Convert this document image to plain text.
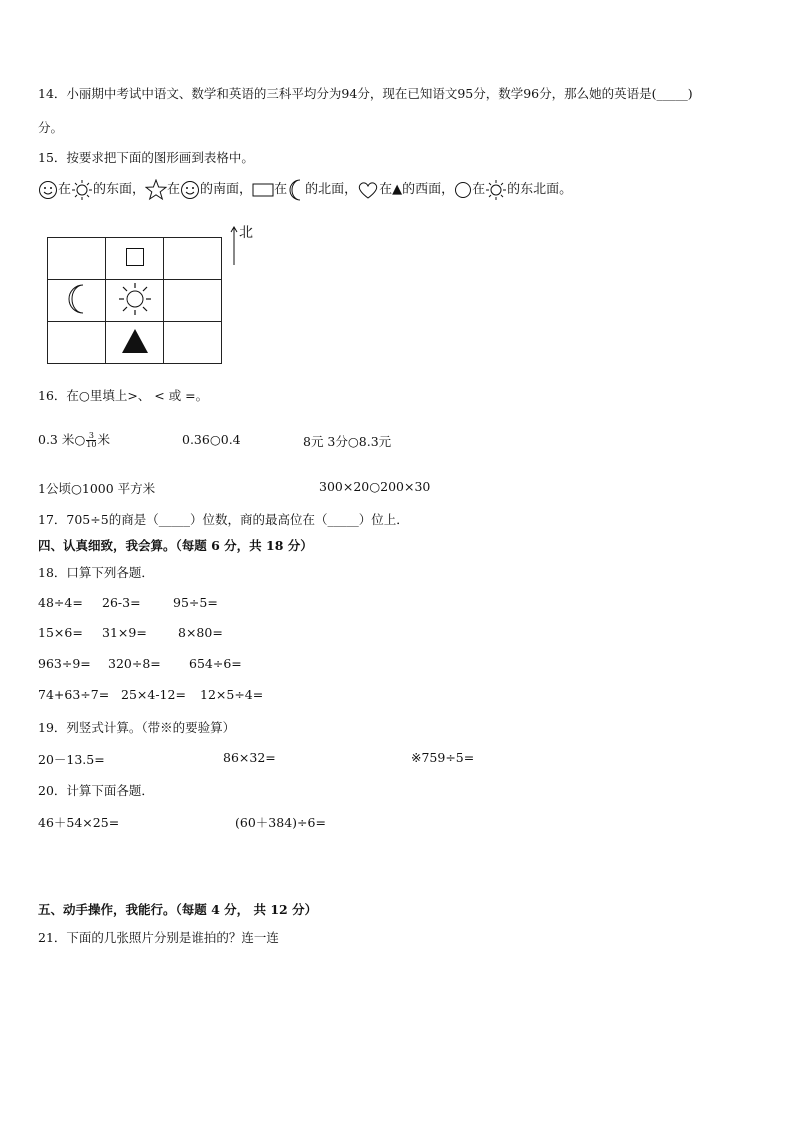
14．小丽期中考试中语文、数学和英语的三科平均分为94分，现在已知语文95分，数学96分，那么她的英语是(_____)
分。
15．按要求把下面的图形画到表格中。
在 的东面， 在 的南面， 在 的北面， 在▲的西面， 在 的东北面。

北
16．在○里填上>、 < 或 =。
0.3 米○ $\frac{3}{10}$ 米	0.36○0.4	8元 3分○8.3元
1公顷○1000 平方米	300×20○200×30
17．705÷5的商是（_____）位数，商的最高位在（_____）位上．
四、认真细致，我会算。（每题 6 分，共 18 分）
18．口算下列各题．
48÷4= 26-3=	95÷5=
15×6= 31×9= 8×80=
963÷9= 320÷8= 654÷6=
74+63÷7= 25×4-12= 12×5÷4=
19．列竖式计算。（带※的要验算）
20－13.5=	86×32=	※759÷5=
20．计算下面各题．
46＋54×25=	(60＋384)÷6=
五、动手操作，我能行。（每题 4 分， 共 12 分）
21．下面的几张照片分别是谁拍的？连一连
